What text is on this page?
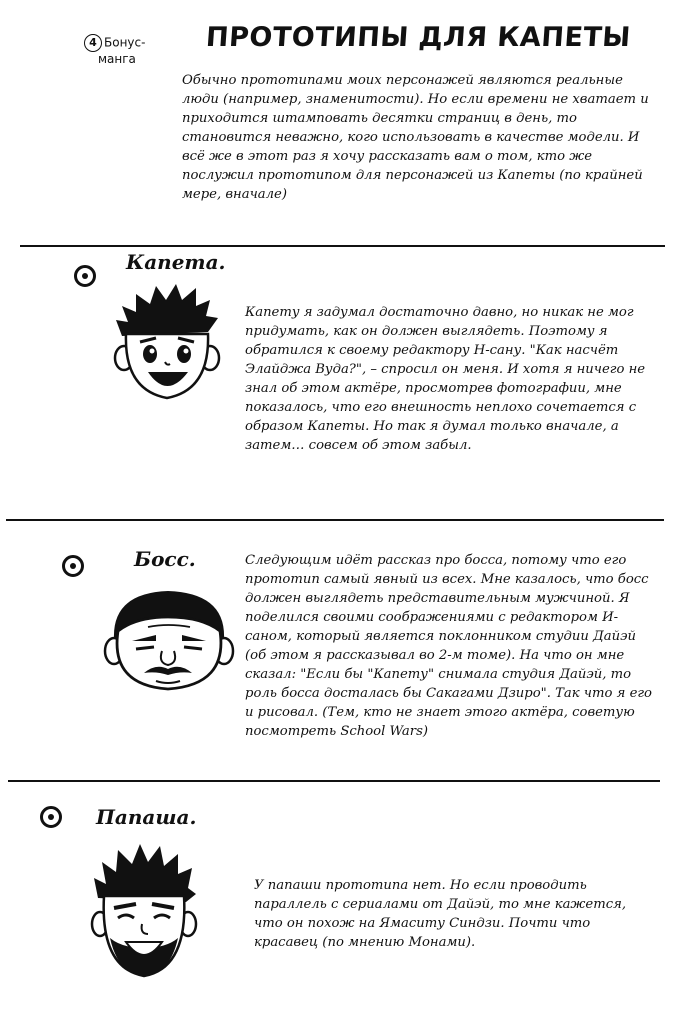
4 Бонус-
манга
ПРОТОТИПЫ ДЛЯ КАПЕТЫ
Обычно прототипами моих персонажей являются реальные люди (например, знаменитости). Но если времени не хватает и приходится штамповать десятки страниц в день, то становится неважно, кого использовать в качестве модели. И всё же в этот раз я хочу рассказать вам о том, кто же послужил прототипом для персонажей из Капеты (по крайней мере, вначале)
Капета.
Капету я задумал достаточно давно, но никак не мог придумать, как он должен выглядеть. Поэтому я обратился к своему редактору Н-сану. "Как насчёт Элайджа Вуда?", – спросил он меня. И хотя я ничего не знал об этом актёре, просмотрев фотографии, мне показалось, что его внешность неплохо сочетается с образом Капеты. Но так я думал только вначале, а затем… совсем об этом забыл.
Босс.	Следующим идёт рассказ про босса, потому что его прототип самый явный из всех. Мне казалось, что босс должен выглядеть представительным мужчиной. Я поделился своими соображениями с редактором И-саном, который является поклонником студии Дайэй (об этом я рассказывал во 2-м томе). На что он мне сказал: "Если бы "Капету" снимала студия Дайэй, то роль босса досталась бы Сакагами Дзиро". Так что я его и рисовал. (Тем, кто не знает этого актёра, советую посмотреть School Wars)
Папаша.
У папаши прототипа нет. Но если проводить параллель с сериалами от Дайэй, то мне кажется, что он похож на Ямаситу Синдзи. Почти что красавец (по мнению Монами).
